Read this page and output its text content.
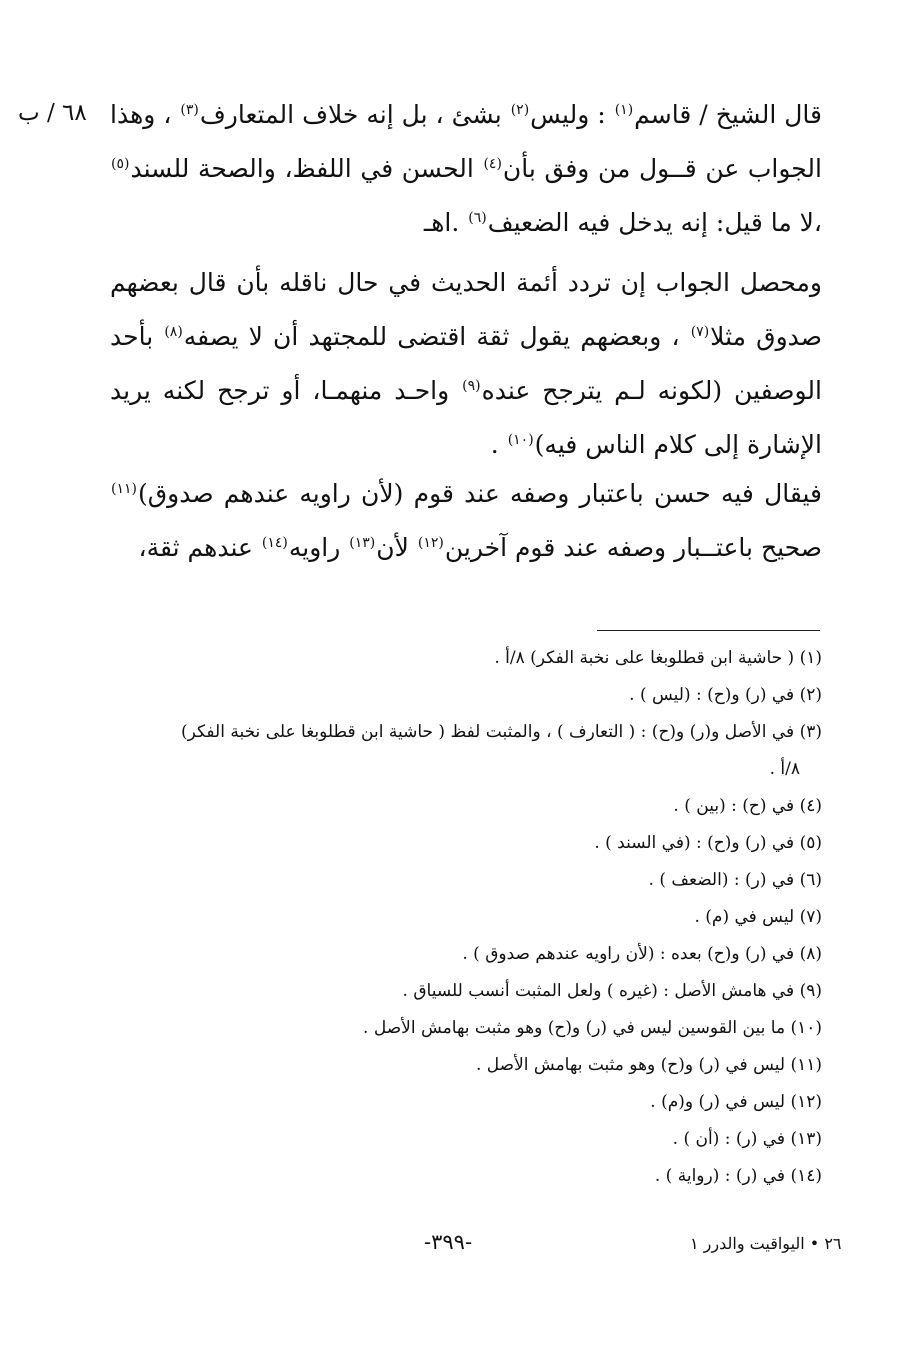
٦٨ / ب	قال الشيخ / قاسم$^{(١)}$ : وليس$^{(٢)}$ بشئ ، بل إنه خلاف المتعارف$^{(٣)}$ ، وهذا الجواب عن قــول من وفق بأن$^{(٤)}$ الحسن في اللفظ، والصحة للسند$^{(٥)}$ ،لا ما قيل: إنه يدخل فيه الضعيف$^{(٦)}$ .اهـ

ومحصل الجواب إن تردد أئمة الحديث في حال ناقله بأن قال بعضهم صدوق مثلا$^{(٧)}$ ، وبعضهم يقول ثقة اقتضى للمجتهد أن لا يصفه$^{(٨)}$ بأحد الوصفين (لكونه لـم يترجح عنده$^{(٩)}$ واحـد منهمـا، أو ترجح لكنه يريد الإشارة إلى كلام الناس فيه)$^{(١٠)}$ .

فيقال فيه حسن باعتبار وصفه عند قوم (لأن راويه عندهم صدوق)$^{(١١)}$ صحيح باعتــبار وصفه عند قوم آخرين$^{(١٢)}$ لأن$^{(١٣)}$ راويه$^{(١٤)}$ عندهم ثقة،

(١) ( حاشية ابن قطلوبغا على نخبة الفكر) ٨/أ .

(٢) في (ر) و(ح) : (ليس ) .

(٣) في الأصل و(ر) و(ح) : ( التعارف ) ، والمثبت لفظ ( حاشية ابن قطلوبغا على نخبة الفكر)

٨/أ .

(٤) في (ح) : (بين ) .

(٥) في (ر) و(ح) : (في السند ) .

(٦) في (ر) : (الضعف ) .

(٧) ليس في (م) .

(٨) في (ر) و(ح) بعده : (لأن راويه عندهم صدوق ) .

(٩) في هامش الأصل : (غيره ) ولعل المثبت أنسب للسياق .

(١٠) ما بين القوسين ليس في (ر) و(ح) وهو مثبت بهامش الأصل .

(١١) ليس في (ر) و(ح) وهو مثبت بهامش الأصل .

(١٢) ليس في (ر) و(م) .

(١٣) في (ر) : (أن ) .

(١٤) في (ر) : (رواية ) .

-٣٩٩-	٢٦ • اليواقيت والدرر ١
